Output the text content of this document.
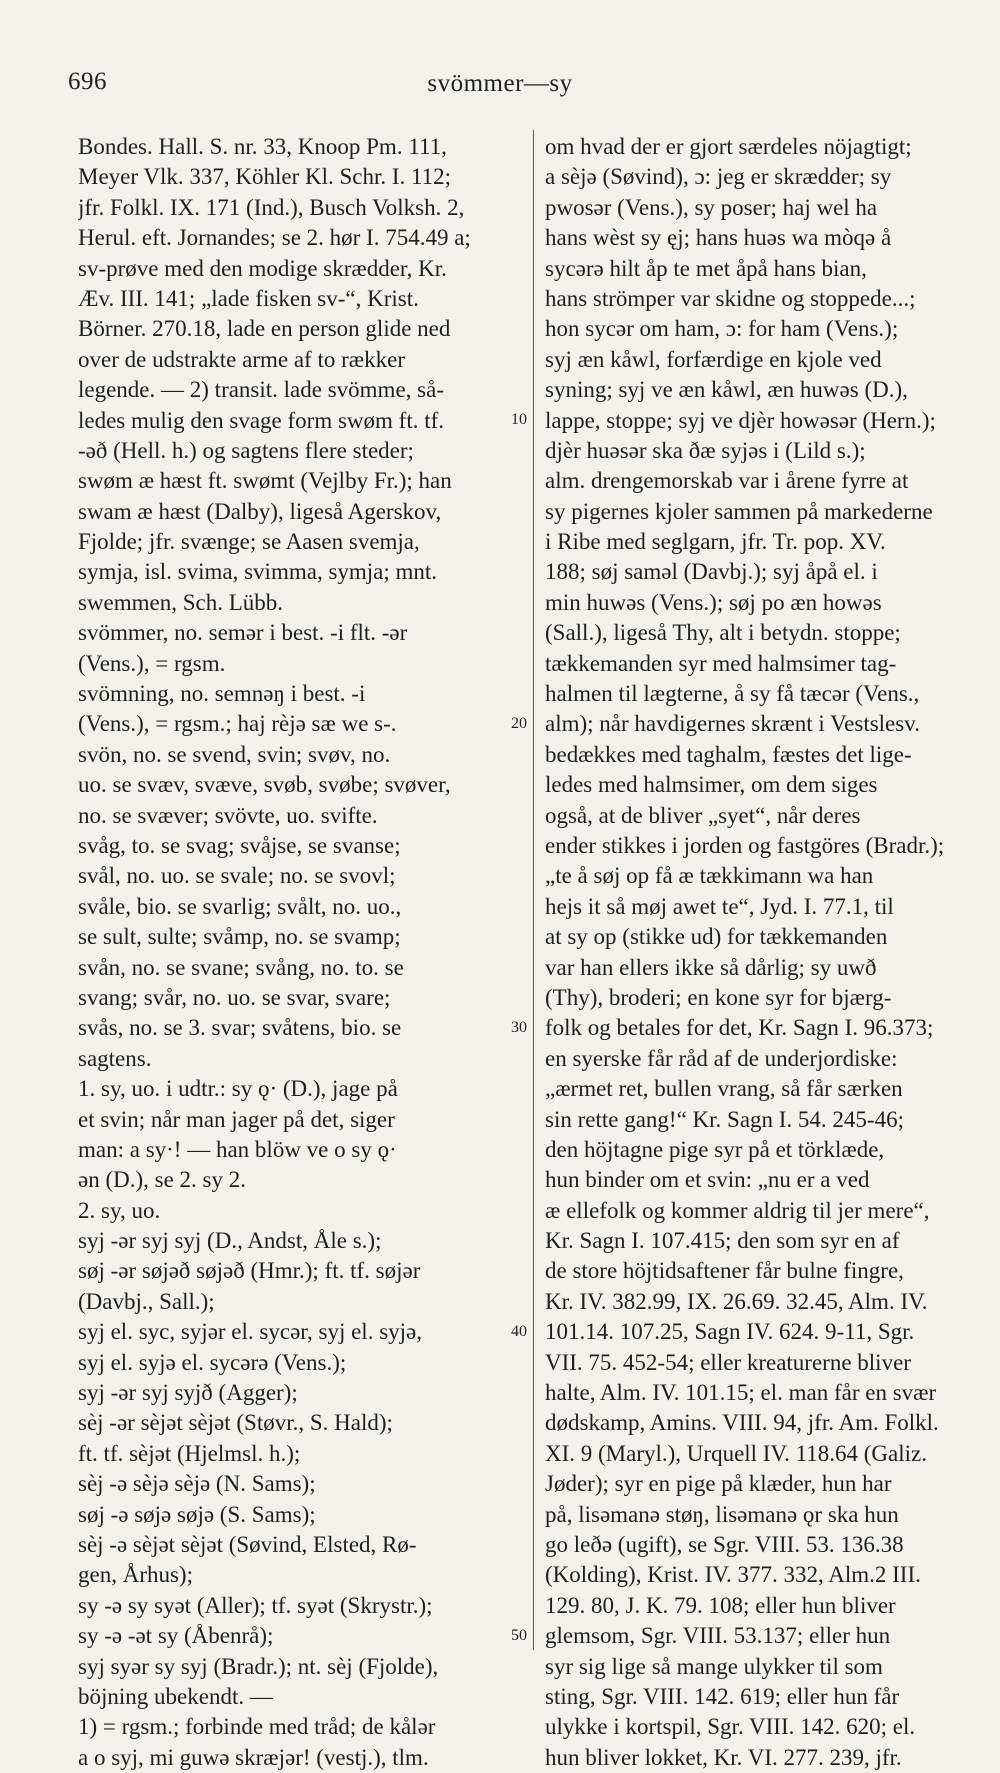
696	svömmer—sy
Bondes. Hall. S. nr. 33, Knoop Pm. 111,
Meyer Vlk. 337, Köhler Kl. Schr. I. 112;
jfr. Folkl. IX. 171 (Ind.), Busch Volksh. 2,
Herul. eft. Jornandes; se 2. hør I. 754.49 a;
sv-prøve med den modige skrædder, Kr.
Æv. III. 141; „lade fisken sv-“, Krist.
Börner. 270.18, lade en person glide ned
over de udstrakte arme af to rækker
legende. — 2) transit. lade svömme, så-
ledes mulig den svage form swøm ft. tf.
-əð (Hell. h.) og sagtens flere steder;
swøm æ hæst ft. swømt (Vejlby Fr.); han
swam æ hæst (Dalby), ligeså Agerskov,
Fjolde; jfr. svænge; se Aasen svemja,
symja, isl. svima, svimma, symja; mnt.
swemmen, Sch. Lübb.
svömmer, no. semər i best. -i flt. -ər
(Vens.), = rgsm.
svömning, no. semnəŋ i best. -i
(Vens.), = rgsm.; haj rèjə sæ we s-.
svön, no. se svend, svin; svøv, no.
uo. se svæv, svæve, svøb, svøbe; svøver,
no. se svæver; svövte, uo. svifte.
svåg, to. se svag; svåjse, se svanse;
svål, no. uo. se svale; no. se svovl;
svåle, bio. se svarlig; svålt, no. uo.,
se sult, sulte; svåmp, no. se svamp;
svån, no. se svane; svång, no. to. se
svang; svår, no. uo. se svar, svare;
svås, no. se 3. svar; svåtens, bio. se
sagtens.
1. sy, uo. i udtr.: sy ǫ· (D.), jage på
et svin; når man jager på det, siger
man: a sy·! — han blöw ve o sy ǫ·
ən (D.), se 2. sy 2.
2. sy, uo.
syj -ər syj syj (D., Andst, Åle s.);
søj -ər søjəð søjəð (Hmr.); ft. tf. søjər
(Davbj., Sall.);
syj el. syc, syjər el. sycər, syj el. syjə,
syj el. syjə el. sycərə (Vens.);
syj -ər syj syjð (Agger);
sèj -ər sèjət sèjət (Støvr., S. Hald);
ft. tf. sèjət (Hjelmsl. h.);
sèj -ə sèjə sèjə (N. Sams);
søj -ə søjə søjə (S. Sams);
sèj -ə sèjət sèjət (Søvind, Elsted, Rø-
gen, Århus);
sy -ə sy syət (Aller); tf. syət (Skrystr.);
sy -ə -ət sy (Åbenrå);
syj syər sy syj (Bradr.); nt. sèj (Fjolde),
böjning ubekendt. —
1) = rgsm.; forbinde med tråd; de kålər
a o syj, mi guwə skræjər! (vestj.), tlm.
om hvad der er gjort særdeles nöjagtigt;
a sèjə (Søvind), ɔ: jeg er skrædder; sy
pwosər (Vens.), sy poser; haj wel ha
hans wèst sy ęj; hans huəs wa mòqə å
sycərə hilt åp te met åpå hans bian,
hans strömper var skidne og stoppede...;
hon sycər om ham, ɔ: for ham (Vens.);
syj æn kåwl, forfærdige en kjole ved
syning; syj ve æn kåwl, æn huwəs (D.),
lappe, stoppe; syj ve djèr howəsər (Hern.);
djèr huəsər ska ðæ syjəs i (Lild s.);
alm. drengemorskab var i årene fyrre at
sy pigernes kjoler sammen på markederne
i Ribe med seglgarn, jfr. Tr. pop. XV.
188; søj saməl (Davbj.); syj åpå el. i
min huwəs (Vens.); søj po æn howəs
(Sall.), ligeså Thy, alt i betydn. stoppe;
tækkemanden syr med halmsimer tag-
halmen til lægterne, å sy få tæcər (Vens.,
alm); når havdigernes skrænt i Vestslesv.
bedækkes med taghalm, fæstes det lige-
ledes med halmsimer, om dem siges
også, at de bliver „syet“, når deres
ender stikkes i jorden og fastgöres (Bradr.);
„te å søj op få æ tækkimann wa han
hejs it så møj awet te“, Jyd. I. 77.1, til
at sy op (stikke ud) for tækkemanden
var han ellers ikke så dårlig; sy uwð
(Thy), broderi; en kone syr for bjærg-
folk og betales for det, Kr. Sagn I. 96.373;
en syerske får råd af de underjordiske:
„ærmet ret, bullen vrang, så får særken
sin rette gang!“ Kr. Sagn I. 54. 245-46;
den höjtagne pige syr på et törklæde,
hun binder om et svin: „nu er a ved
æ ellefolk og kommer aldrig til jer mere“,
Kr. Sagn I. 107.415; den som syr en af
de store höjtidsaftener får bulne fingre,
Kr. IV. 382.99, IX. 26.69. 32.45, Alm. IV.
101.14. 107.25, Sagn IV. 624. 9-11, Sgr.
VII. 75. 452-54; eller kreaturerne bliver
halte, Alm. IV. 101.15; el. man får en svær
dødskamp, Amins. VIII. 94, jfr. Am. Folkl.
XI. 9 (Maryl.), Urquell IV. 118.64 (Galiz.
Jøder); syr en pige på klæder, hun har
på, lisəmanə støŋ, lisəmanə ǫr ska hun
go leðə (ugift), se Sgr. VIII. 53. 136.38
(Kolding), Krist. IV. 377. 332, Alm.2 III.
129. 80, J. K. 79. 108; eller hun bliver
glemsom, Sgr. VIII. 53.137; eller hun
syr sig lige så mange ulykker til som
sting, Sgr. VIII. 142. 619; eller hun får
ulykke i kortspil, Sgr. VIII. 142. 620; el.
hun bliver lokket, Kr. VI. 277. 239, jfr.
10
20
30
40
50
